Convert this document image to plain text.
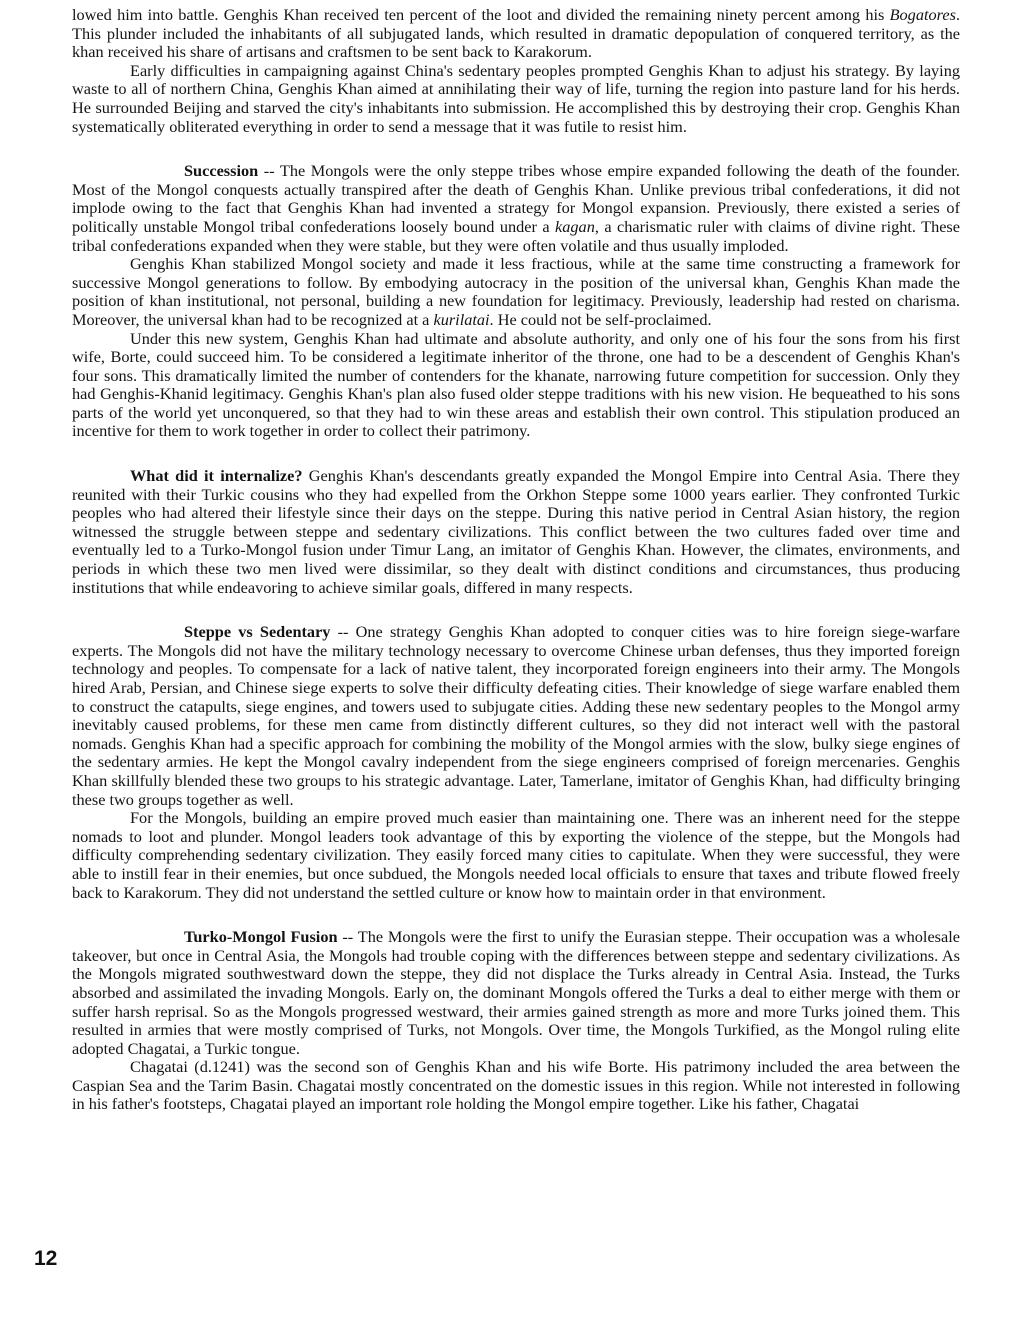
lowed him into battle. Genghis Khan received ten percent of the loot and divided the remaining ninety percent among his Bogatores. This plunder included the inhabitants of all subjugated lands, which resulted in dramatic depopulation of conquered territory, as the khan received his share of artisans and craftsmen to be sent back to Karakorum.

Early difficulties in campaigning against China's sedentary peoples prompted Genghis Khan to adjust his strategy. By laying waste to all of northern China, Genghis Khan aimed at annihilating their way of life, turning the region into pasture land for his herds. He surrounded Beijing and starved the city's inhabitants into submission. He accomplished this by destroying their crop. Genghis Khan systematically obliterated everything in order to send a message that it was futile to resist him.

Succession -- The Mongols were the only steppe tribes whose empire expanded following the death of the founder. Most of the Mongol conquests actually transpired after the death of Genghis Khan. Unlike previous tribal confederations, it did not implode owing to the fact that Genghis Khan had invented a strategy for Mongol expansion. Previously, there existed a series of politically unstable Mongol tribal confederations loosely bound under a kagan, a charismatic ruler with claims of divine right. These tribal confederations expanded when they were stable, but they were often volatile and thus usually imploded.

Genghis Khan stabilized Mongol society and made it less fractious, while at the same time constructing a framework for successive Mongol generations to follow. By embodying autocracy in the position of the universal khan, Genghis Khan made the position of khan institutional, not personal, building a new foundation for legitimacy. Previously, leadership had rested on charisma. Moreover, the universal khan had to be recognized at a kurilatai. He could not be self-proclaimed.

Under this new system, Genghis Khan had ultimate and absolute authority, and only one of his four the sons from his first wife, Borte, could succeed him. To be considered a legitimate inheritor of the throne, one had to be a descendent of Genghis Khan's four sons. This dramatically limited the number of contenders for the khanate, narrowing future competition for succession. Only they had Genghis-Khanid legitimacy. Genghis Khan's plan also fused older steppe traditions with his new vision. He bequeathed to his sons parts of the world yet unconquered, so that they had to win these areas and establish their own control. This stipulation produced an incentive for them to work together in order to collect their patrimony.

What did it internalize? Genghis Khan's descendants greatly expanded the Mongol Empire into Central Asia. There they reunited with their Turkic cousins who they had expelled from the Orkhon Steppe some 1000 years earlier. They confronted Turkic peoples who had altered their lifestyle since their days on the steppe. During this native period in Central Asian history, the region witnessed the struggle between steppe and sedentary civilizations. This conflict between the two cultures faded over time and eventually led to a Turko-Mongol fusion under Timur Lang, an imitator of Genghis Khan. However, the climates, environments, and periods in which these two men lived were dissimilar, so they dealt with distinct conditions and circumstances, thus producing institutions that while endeavoring to achieve similar goals, differed in many respects.

Steppe vs Sedentary -- One strategy Genghis Khan adopted to conquer cities was to hire foreign siege-warfare experts. The Mongols did not have the military technology necessary to overcome Chinese urban defenses, thus they imported foreign technology and peoples. To compensate for a lack of native talent, they incorporated foreign engineers into their army. The Mongols hired Arab, Persian, and Chinese siege experts to solve their difficulty defeating cities. Their knowledge of siege warfare enabled them to construct the catapults, siege engines, and towers used to subjugate cities. Adding these new sedentary peoples to the Mongol army inevitably caused problems, for these men came from distinctly different cultures, so they did not interact well with the pastoral nomads. Genghis Khan had a specific approach for combining the mobility of the Mongol armies with the slow, bulky siege engines of the sedentary armies. He kept the Mongol cavalry independent from the siege engineers comprised of foreign mercenaries. Genghis Khan skillfully blended these two groups to his strategic advantage. Later, Tamerlane, imitator of Genghis Khan, had difficulty bringing these two groups together as well.

For the Mongols, building an empire proved much easier than maintaining one. There was an inherent need for the steppe nomads to loot and plunder. Mongol leaders took advantage of this by exporting the violence of the steppe, but the Mongols had difficulty comprehending sedentary civilization. They easily forced many cities to capitulate. When they were successful, they were able to instill fear in their enemies, but once subdued, the Mongols needed local officials to ensure that taxes and tribute flowed freely back to Karakorum. They did not understand the settled culture or know how to maintain order in that environment.

Turko-Mongol Fusion -- The Mongols were the first to unify the Eurasian steppe. Their occupation was a wholesale takeover, but once in Central Asia, the Mongols had trouble coping with the differences between steppe and sedentary civilizations. As the Mongols migrated southwestward down the steppe, they did not displace the Turks already in Central Asia. Instead, the Turks absorbed and assimilated the invading Mongols. Early on, the dominant Mongols offered the Turks a deal to either merge with them or suffer harsh reprisal. So as the Mongols progressed westward, their armies gained strength as more and more Turks joined them. This resulted in armies that were mostly comprised of Turks, not Mongols. Over time, the Mongols Turkified, as the Mongol ruling elite adopted Chagatai, a Turkic tongue.

Chagatai (d.1241) was the second son of Genghis Khan and his wife Borte. His patrimony included the area between the Caspian Sea and the Tarim Basin. Chagatai mostly concentrated on the domestic issues in this region. While not interested in following in his father's footsteps, Chagatai played an important role holding the Mongol empire together. Like his father, Chagatai

12
